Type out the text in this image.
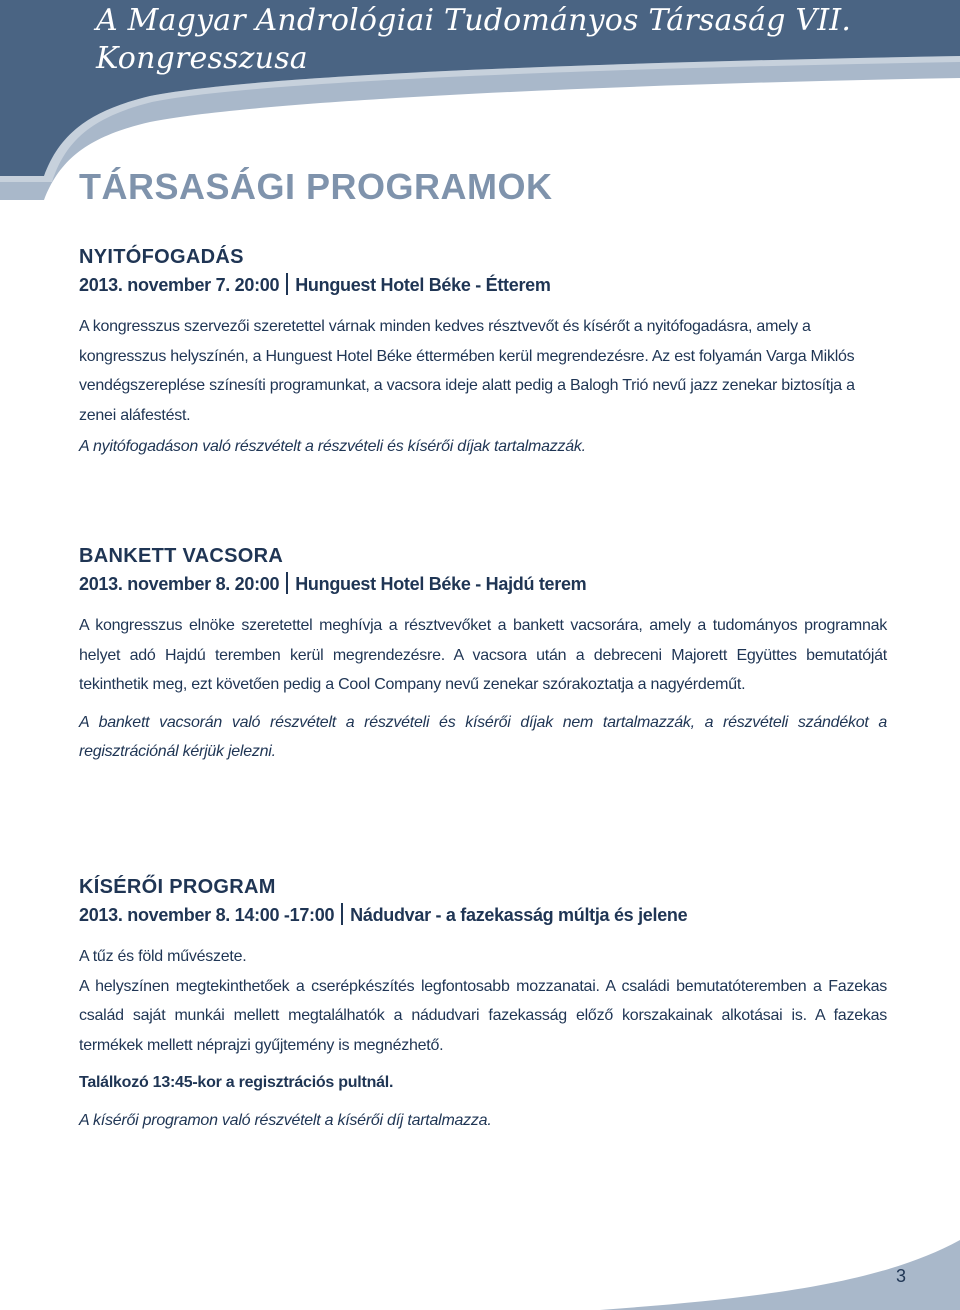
A Magyar Andrológiai Tudományos Társaság VII. Kongresszusa
TÁRSASÁGI PROGRAMOK
NYITÓFOGADÁS

2013. november 7. 20:00 Hunguest Hotel Béke - Étterem

A kongresszus szervezői szeretettel várnak minden kedves résztvevőt és kísérőt a nyitófogadásra, amely a kongresszus helyszínén, a Hunguest Hotel Béke éttermében kerül megrendezésre. Az est folyamán Varga Miklós vendégszereplése színesíti programunkat, a vacsora ideje alatt pedig a Balogh Trió nevű jazz zenekar biztosítja a zenei aláfestést.

A nyitófogadáson való részvételt a részvételi és kísérői díjak tartalmazzák.

BANKETT VACSORA

2013. november 8. 20:00 Hunguest Hotel Béke - Hajdú terem

A kongresszus elnöke szeretettel meghívja a résztvevőket a bankett vacsorára, amely a tudományos programnak helyet adó Hajdú teremben kerül megrendezésre. A vacsora után a debreceni Majorett Együttes bemutatóját tekinthetik meg, ezt követően pedig a Cool Company nevű zenekar szórakoztatja a nagyérdeműt.

A bankett vacsorán való részvételt a részvételi és kísérői díjak nem tartalmazzák, a részvételi szándékot a regisztrációnál kérjük jelezni.

KÍSÉRŐI PROGRAM

2013. november 8. 14:00 -17:00 Nádudvar - a fazekasság múltja és jelene

A tűz és föld művészete.

A helyszínen megtekinthetőek a cserépkészítés legfontosabb mozzanatai. A családi bemutatóteremben a Fazekas család saját munkái mellett megtalálhatók a nádudvari fazekasság előző korszakainak alkotásai is. A fazekas termékek mellett néprajzi gyűjtemény is megnézhető.

Találkozó 13:45-kor a regisztrációs pultnál.

A kísérői programon való részvételt a kísérői díj tartalmazza.

3
